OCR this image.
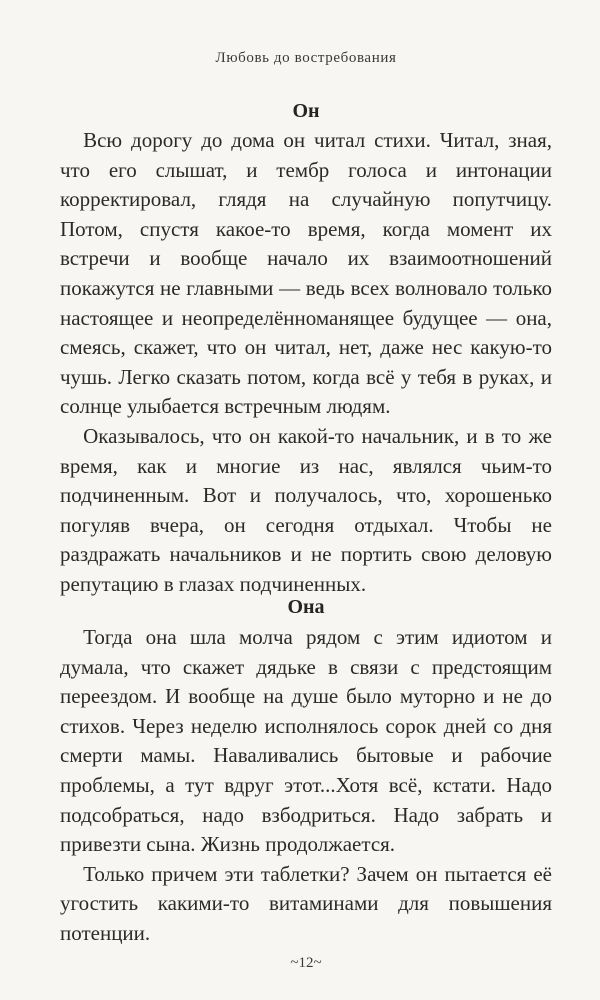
Любовь до востребования
Он

Всю дорогу до дома он читал стихи. Читал, зная, что его слышат, и тембр голоса и интонации корректировал, глядя на случайную попутчицу. Потом, спустя какое-то время, когда момент их встречи и вообще начало их взаимоотношений покажутся не главными — ведь всех волновало только настоящее и неопределённоманящее будущее — она, смеясь, скажет, что он читал, нет, даже нес какую-то чушь. Легко сказать потом, когда всё у тебя в руках, и солнце улыбается встречным людям.

Оказывалось, что он какой-то начальник, и в то же время, как и многие из нас, являлся чьим-то подчиненным. Вот и получалось, что, хорошенько погуляв вчера, он сегодня отдыхал. Чтобы не раздражать начальников и не портить свою деловую репутацию в глазах подчиненных.

Она

Тогда она шла молча рядом с этим идиотом и думала, что скажет дядьке в связи с предстоящим переездом. И вообще на душе было муторно и не до стихов. Через неделю исполнялось сорок дней со дня смерти мамы. Наваливались бытовые и рабочие проблемы, а тут вдруг этот...Хотя всё, кстати. Надо подсобраться, надо взбодриться. Надо забрать и привезти сына. Жизнь продолжается.

Только причем эти таблетки? Зачем он пытается её угостить какими-то витаминами для повышения потенции.

~12~
